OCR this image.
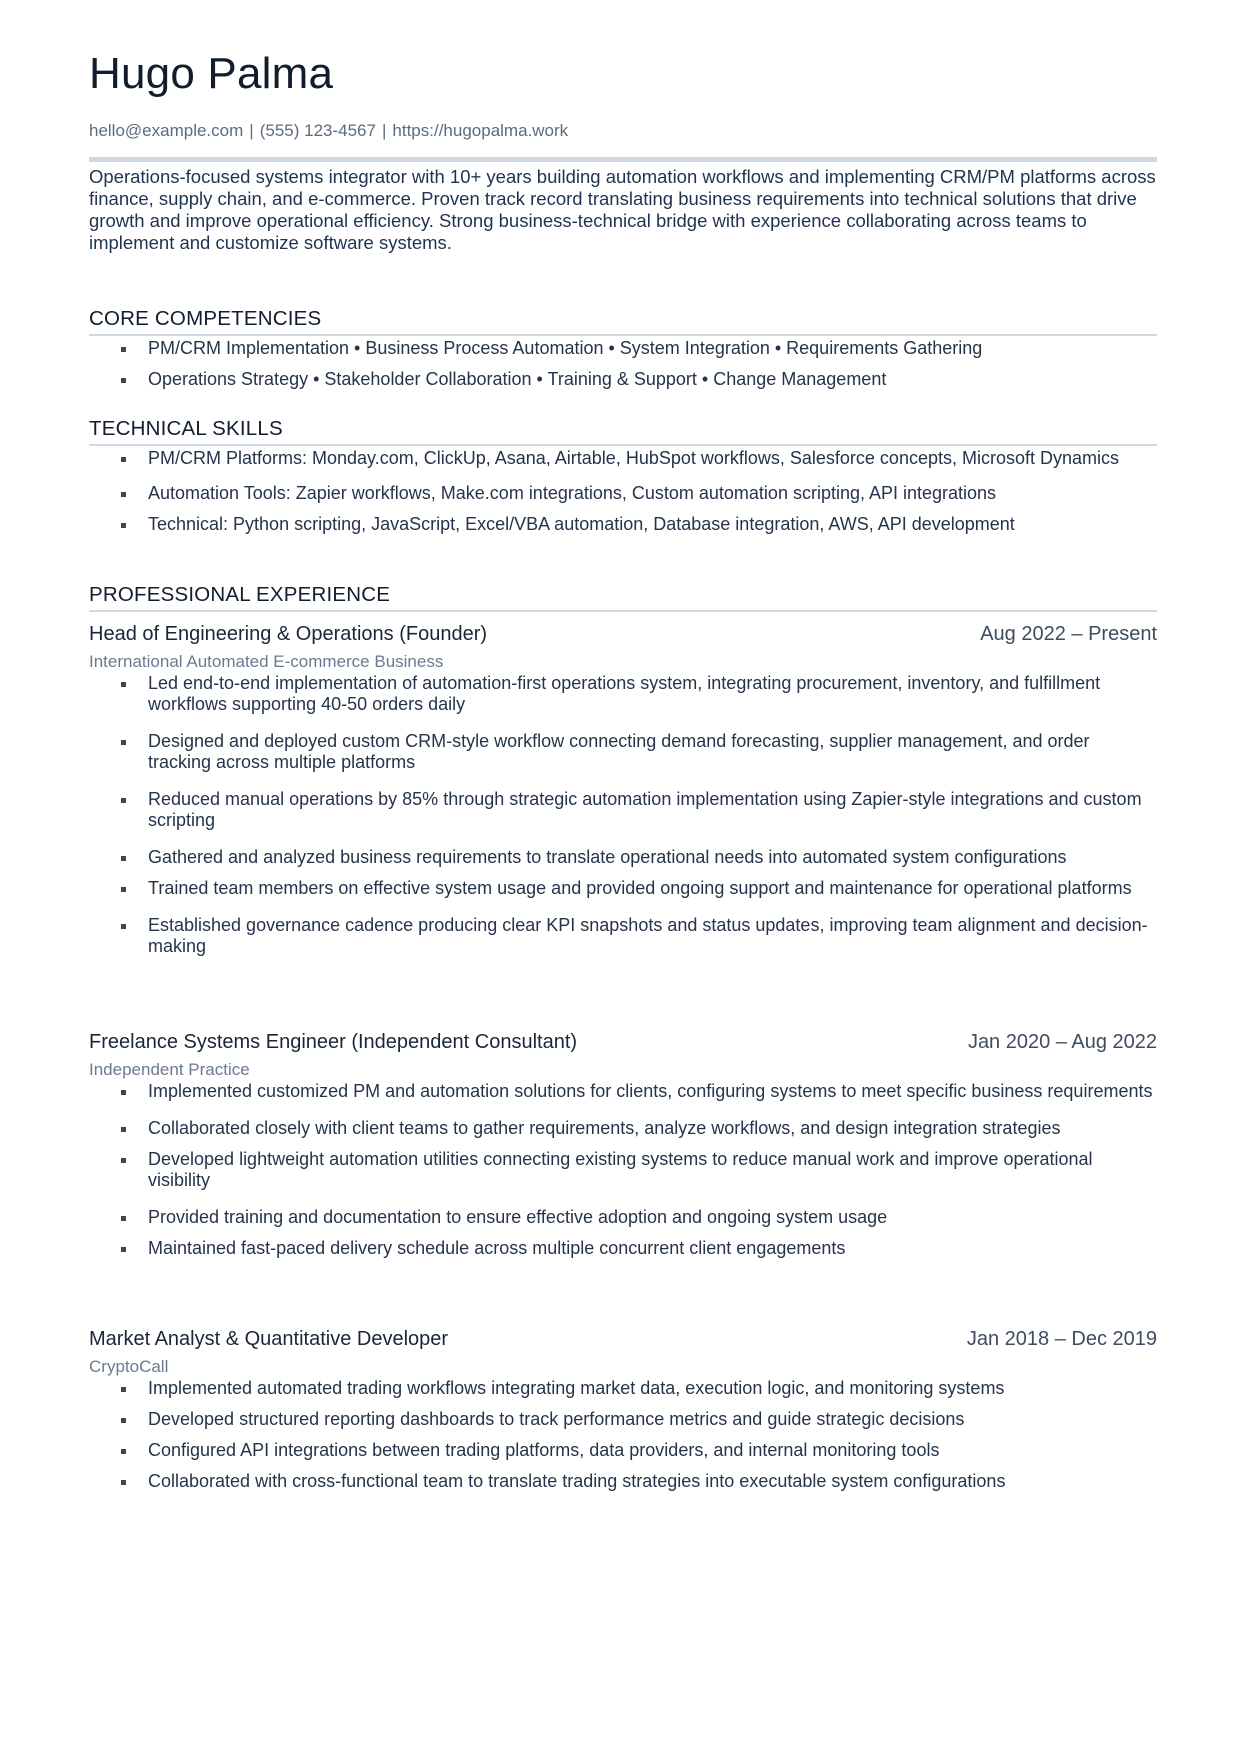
Hugo Palma
hello@example.com | (555) 123-4567 | https://hugopalma.work
Operations-focused systems integrator with 10+ years building automation workflows and implementing CRM/PM platforms across finance, supply chain, and e-commerce. Proven track record translating business requirements into technical solutions that drive growth and improve operational efficiency. Strong business-technical bridge with experience collaborating across teams to implement and customize software systems.
CORE COMPETENCIES
PM/CRM Implementation • Business Process Automation • System Integration • Requirements Gathering
Operations Strategy • Stakeholder Collaboration • Training & Support • Change Management
TECHNICAL SKILLS
PM/CRM Platforms: Monday.com, ClickUp, Asana, Airtable, HubSpot workflows, Salesforce concepts, Microsoft Dynamics
Automation Tools: Zapier workflows, Make.com integrations, Custom automation scripting, API integrations
Technical: Python scripting, JavaScript, Excel/VBA automation, Database integration, AWS, API development
PROFESSIONAL EXPERIENCE
Head of Engineering & Operations (Founder)	Aug 2022 – Present
International Automated E-commerce Business
Led end-to-end implementation of automation-first operations system, integrating procurement, inventory, and fulfillment workflows supporting 40-50 orders daily
Designed and deployed custom CRM-style workflow connecting demand forecasting, supplier management, and order tracking across multiple platforms
Reduced manual operations by 85% through strategic automation implementation using Zapier-style integrations and custom scripting
Gathered and analyzed business requirements to translate operational needs into automated system configurations
Trained team members on effective system usage and provided ongoing support and maintenance for operational platforms
Established governance cadence producing clear KPI snapshots and status updates, improving team alignment and decision-making
Freelance Systems Engineer (Independent Consultant)	Jan 2020 – Aug 2022
Independent Practice
Implemented customized PM and automation solutions for clients, configuring systems to meet specific business requirements
Collaborated closely with client teams to gather requirements, analyze workflows, and design integration strategies
Developed lightweight automation utilities connecting existing systems to reduce manual work and improve operational visibility
Provided training and documentation to ensure effective adoption and ongoing system usage
Maintained fast-paced delivery schedule across multiple concurrent client engagements
Market Analyst & Quantitative Developer	Jan 2018 – Dec 2019
CryptoCall
Implemented automated trading workflows integrating market data, execution logic, and monitoring systems
Developed structured reporting dashboards to track performance metrics and guide strategic decisions
Configured API integrations between trading platforms, data providers, and internal monitoring tools
Collaborated with cross-functional team to translate trading strategies into executable system configurations
